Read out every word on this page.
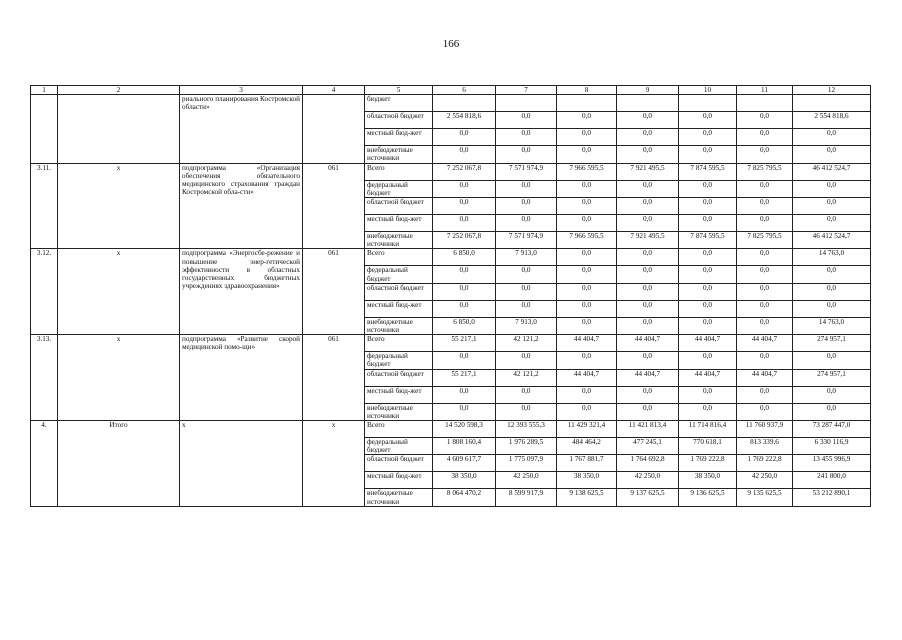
166
1	2	3	4	5	6	7	8	9	10	11	12
		риального планирования Костромской области»		бюджет							
				областной бюджет	2 554 818,6	0,0	0,0	0,0	0,0	0,0	2 554 818,6
				местный бюд-жет	0,0	0,0	0,0	0,0	0,0	0,0	0,0
				внебюджетные источники	0,0	0,0	0,0	0,0	0,0	0,0	0,0
3.11.	х	подпрограмма «Организация обеспечения обязательного медицинского страхования граждан Костромской обла-сти»	061	Всего	7 252 067,8	7 571 974,9	7 966 595,5	7 921 495,5	7 874 595,5	7 825 795,5	46 412 524,7
				федеральный бюджет	0,0	0,0	0,0	0,0	0,0	0,0	0,0
				областной бюджет	0,0	0,0	0,0	0,0	0,0	0,0	0,0
				местный бюд-жет	0,0	0,0	0,0	0,0	0,0	0,0	0,0
				внебюджетные источники	7 252 067,8	7 571 974,9	7 966 595,5	7 921 495,5	7 874 595,5	7 825 795,5	46 412 524,7
3.12.	х	подпрограмма «Энергосбе-режение и повышение энер-гетической эффективности в областных государственных бюджетных учреждениях здравоохранения»	061	Всего	6 850,0	7 913,0	0,0	0,0	0,0	0,0	14 763,0
				федеральный бюджет	0,0	0,0	0,0	0,0	0,0	0,0	0,0
				областной бюджет	0,0	0,0	0,0	0,0	0,0	0,0	0,0
				местный бюд-жет	0,0	0,0	0,0	0,0	0,0	0,0	0,0
				внебюджетные источники	6 850,0	7 913,0	0,0	0,0	0,0	0,0	14 763,0
3.13.	х	подпрограмма «Развитие скорой медицинской помо-щи»	061	Всего	55 217,1	42 121,2	44 404,7	44 404,7	44 404,7	44 404,7	274 957,1
				федеральный бюджет	0,0	0,0	0,0	0,0	0,0	0,0	0,0
				областной бюджет	55 217,1	42 121,2	44 404,7	44 404,7	44 404,7	44 404,7	274 957,1
				местный бюд-жет	0,0	0,0	0,0	0,0	0,0	0,0	0,0
				внебюджетные источники	0,0	0,0	0,0	0,0	0,0	0,0	0,0
4.	Итого	х	х	Всего	14 520 598,3	12 393 555,3	11 429 321,4	11 421 813,4	11 714 816,4	11 760 937,9	73 287 447,0
				федеральный бюджет	1 808 160,4	1 976 289,5	484 464,2	477 245,1	770 618,1	813 339,6	6 330 116,9
				областной бюджет	4 609 617,7	1 775 097,9	1 767 881,7	1 764 692,8	1 769 222,8	1 769 222,8	13 455 996,9
				местный бюд-жет	38 350,0	42 250,0	38 350,0	42 250,0	38 350,0	42 250,0	241 800,0
				внебюджетные источники	8 064 470,2	8 599 917,9	9 138 625,5	9 137 625,5	9 136 625,5	9 135 625,5	53 212 890,1
